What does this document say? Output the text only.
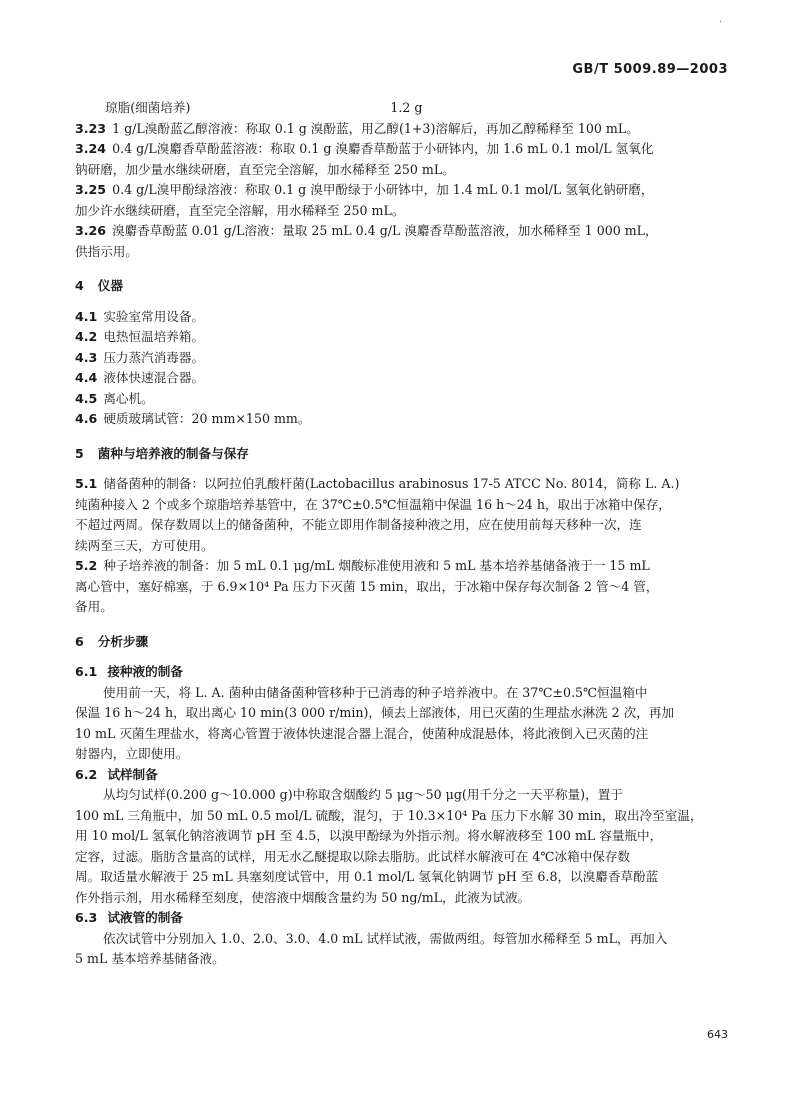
.
GB/T 5009.89—2003
琼脂(细菌培养)	1.2 g
3.23 1 g/L溴酚蓝乙醇溶液：称取 0.1 g 溴酚蓝，用乙醇(1+3)溶解后，再加乙醇稀释至 100 mL。
3.24 0.4 g/L溴麝香草酚蓝溶液：称取 0.1 g 溴麝香草酚蓝于小研钵内，加 1.6 mL 0.1 mol/L 氢氧化
钠研磨，加少量水继续研磨，直至完全溶解，加水稀释至 250 mL。
3.25 0.4 g/L溴甲酚绿溶液：称取 0.1 g 溴甲酚绿于小研钵中，加 1.4 mL 0.1 mol/L 氢氧化钠研磨，
加少许水继续研磨，直至完全溶解，用水稀释至 250 mL。
3.26 溴麝香草酚蓝 0.01 g/L溶液：量取 25 mL 0.4 g/L 溴麝香草酚蓝溶液，加水稀释至 1 000 mL，
供指示用。
4 仪器
4.1 实验室常用设备。
4.2 电热恒温培养箱。
4.3 压力蒸汽消毒器。
4.4 液体快速混合器。
4.5 离心机。
4.6 硬质玻璃试管：20 mm×150 mm。
5 菌种与培养液的制备与保存
5.1 储备菌种的制备：以阿拉伯乳酸杆菌(Lactobacillus arabinosus 17-5 ATCC No. 8014，简称 L. A.)
纯菌种接入 2 个或多个琼脂培养基管中，在 37℃±0.5℃恒温箱中保温 16 h～24 h，取出于冰箱中保存，
不超过两周。保存数周以上的储备菌种，不能立即用作制备接种液之用，应在使用前每天移种一次，连
续两至三天，方可使用。
5.2 种子培养液的制备：加 5 mL 0.1 μg/mL 烟酸标准使用液和 5 mL 基本培养基储备液于一 15 mL
离心管中，塞好棉塞，于 6.9×10⁴ Pa 压力下灭菌 15 min，取出，于冰箱中保存每次制备 2 管～4 管，
备用。
6 分析步骤
6.1 接种液的制备
使用前一天，将 L. A. 菌种由储备菌种管移种于已消毒的种子培养液中。在 37℃±0.5℃恒温箱中
保温 16 h～24 h，取出离心 10 min(3 000 r/min)，倾去上部液体，用已灭菌的生理盐水淋洗 2 次，再加
10 mL 灭菌生理盐水，将离心管置于液体快速混合器上混合，使菌种成混悬体，将此液倒入已灭菌的注
射器内，立即使用。
6.2 试样制备
从均匀试样(0.200 g～10.000 g)中称取含烟酸约 5 μg～50 μg(用千分之一天平称量)，置于
100 mL 三角瓶中，加 50 mL 0.5 mol/L 硫酸，混匀，于 10.3×10⁴ Pa 压力下水解 30 min，取出冷至室温，
用 10 mol/L 氢氧化钠溶液调节 pH 至 4.5，以溴甲酚绿为外指示剂。将水解液移至 100 mL 容量瓶中，
定容，过滤。脂肪含量高的试样，用无水乙醚提取以除去脂肪。此试样水解液可在 4℃冰箱中保存数
周。取适量水解液于 25 mL 具塞刻度试管中，用 0.1 mol/L 氢氧化钠调节 pH 至 6.8，以溴麝香草酚蓝
作外指示剂，用水稀释至刻度，使溶液中烟酸含量约为 50 ng/mL，此液为试液。
6.3 试液管的制备
依次试管中分别加入 1.0、2.0、3.0、4.0 mL 试样试液，需做两组。每管加水稀释至 5 mL，再加入
5 mL 基本培养基储备液。
643
